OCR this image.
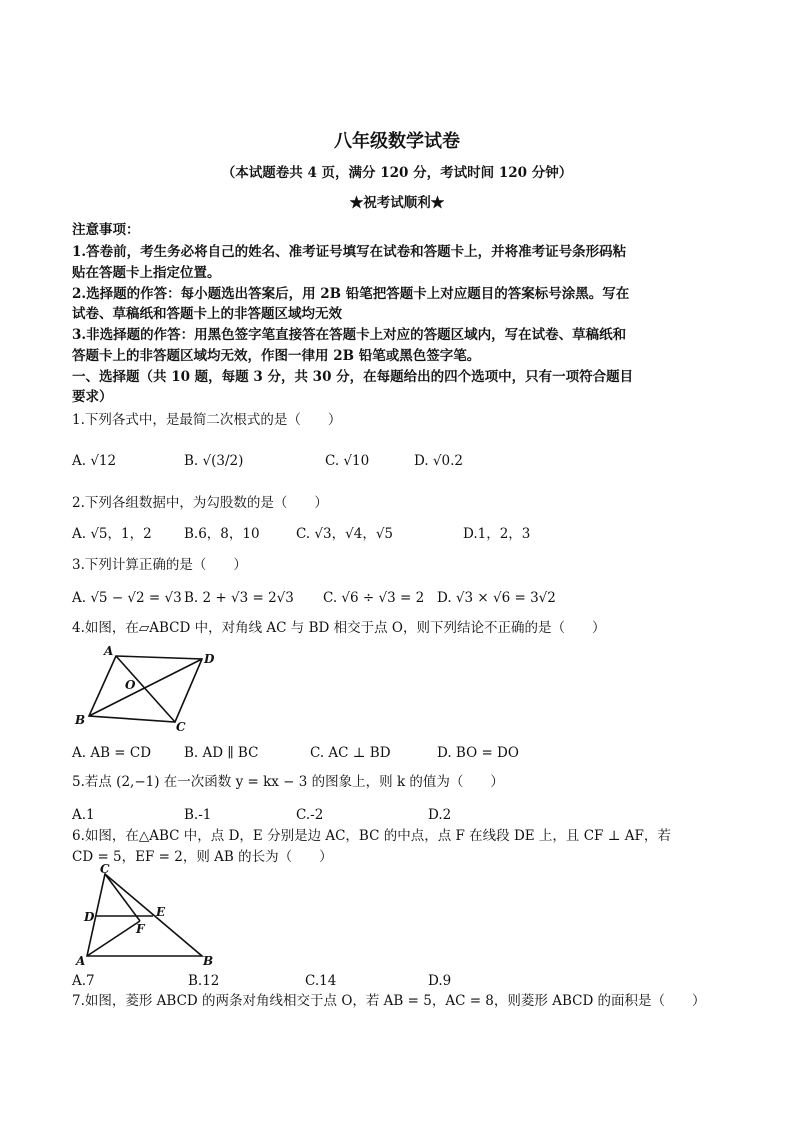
八年级数学试卷
（本试题卷共 4 页，满分 120 分，考试时间 120 分钟）
★祝考试顺利★
注意事项：
1.答卷前，考生务必将自己的姓名、准考证号填写在试卷和答题卡上，并将准考证号条形码粘
贴在答题卡上指定位置。
2.选择题的作答：每小题选出答案后，用 2B 铅笔把答题卡上对应题目的答案标号涂黑。写在
试卷、草稿纸和答题卡上的非答题区域均无效
3.非选择题的作答：用黑色签字笔直接答在答题卡上对应的答题区域内，写在试卷、草稿纸和
答题卡上的非答题区域均无效，作图一律用 2B 铅笔或黑色签字笔。
一、选择题（共 10 题，每题 3 分，共 30 分，在每题给出的四个选项中，只有一项符合题目
要求）
1.下列各式中，是最简二次根式的是（　　）
A. √12	B. √(3/2)	C. √10	D. √0.2
2.下列各组数据中，为勾股数的是（　　）
A. √5，1，2 B.6，8，10	C. √3，√4，√5	D.1，2，3
3.下列计算正确的是（　　）
A. √5 − √2 = √3 B. 2 + √3 = 2√3 C. √6 ÷ √3 = 2 D. √3 × √6 = 3√2
4.如图，在▱ABCD 中，对角线 AC 与 BD 相交于点 O，则下列结论不正确的是（　　）
A
D
O
B	C
A. AB = CD B. AD ∥ BC	C. AC ⊥ BD	D. BO = DO
5.若点 (2,−1) 在一次函数 y = kx − 3 的图象上，则 k 的值为（　　）
A.1	B.-1	C.-2	D.2
6.如图，在△ABC 中，点 D，E 分别是边 AC，BC 的中点，点 F 在线段 DE 上，且 CF ⊥ AF，若
CD = 5，EF = 2，则 AB 的长为（　　）
C
D	E
F
A	B
A.7	B.12	C.14	D.9
7.如图，菱形 ABCD 的两条对角线相交于点 O，若 AB = 5，AC = 8，则菱形 ABCD 的面积是（　　）
